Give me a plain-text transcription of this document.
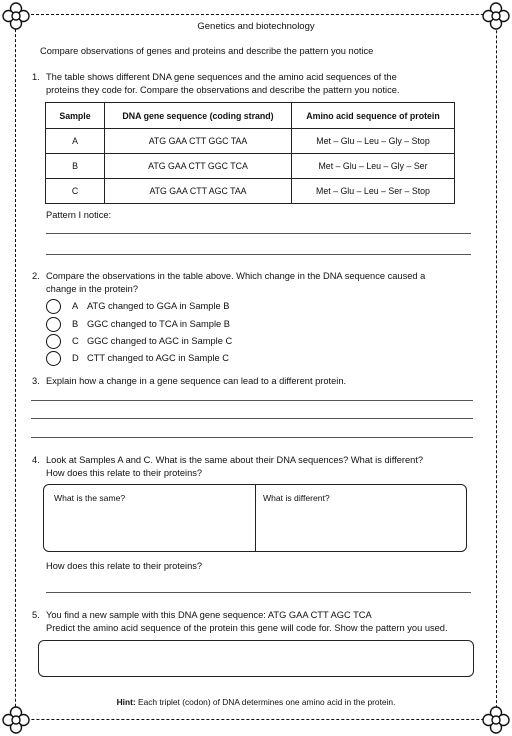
Genetics and biotechnology
Compare observations of genes and proteins and describe the pattern you notice
1. The table shows different DNA gene sequences and the amino acid sequences of the
proteins they code for. Compare the observations and describe the pattern you notice.
Sample	DNA gene sequence (coding strand)	Amino acid sequence of protein
A	ATG GAA CTT GGC TAA	Met – Glu – Leu – Gly – Stop
B	ATG GAA CTT GGC TCA	Met – Glu – Leu – Gly – Ser
C	ATG GAA CTT AGC TAA	Met – Glu – Leu – Ser – Stop
Pattern I notice:
2. Compare the observations in the table above. Which change in the DNA sequence caused a
change in the protein?
A ATG changed to GGA in Sample B
B GGC changed to TCA in Sample B
C GGC changed to AGC in Sample C
D CTT changed to AGC in Sample C
3. Explain how a change in a gene sequence can lead to a different protein.
4. Look at Samples A and C. What is the same about their DNA sequences? What is different?
How does this relate to their proteins?
What is the same?	What is different?
How does this relate to their proteins?
5. You find a new sample with this DNA gene sequence: ATG GAA CTT AGC TCA
Predict the amino acid sequence of the protein this gene will code for. Show the pattern you used.
Hint: Each triplet (codon) of DNA determines one amino acid in the protein.
